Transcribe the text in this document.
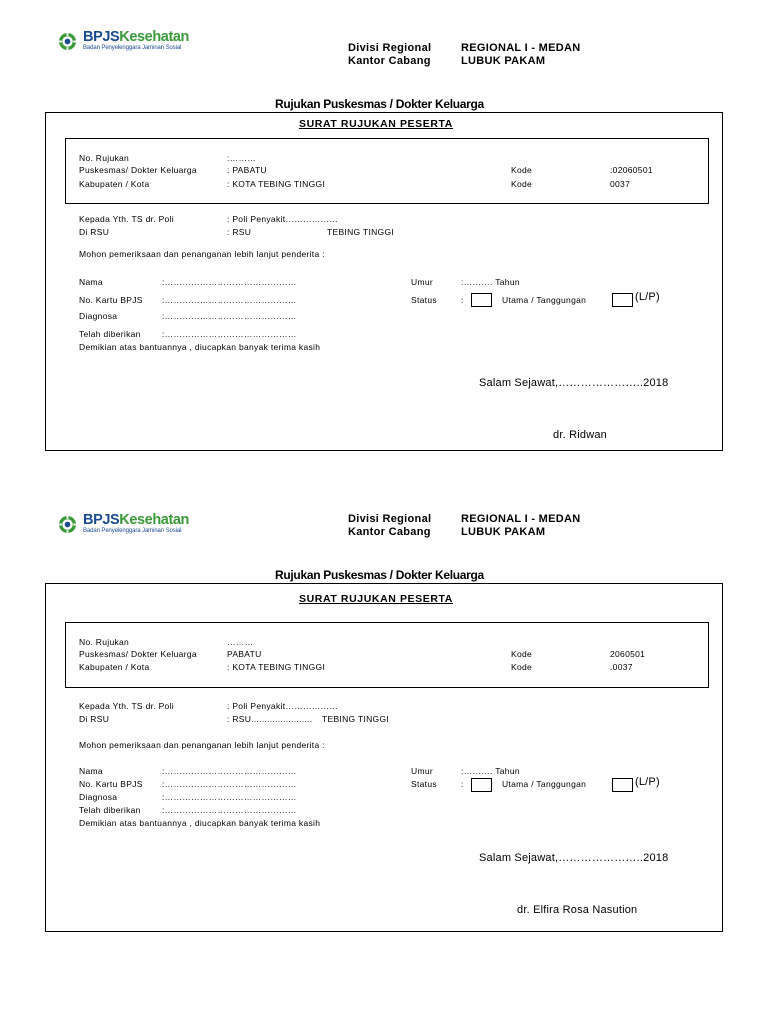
BPJSKesehatan
Badan Penyelenggara Jaminan Sosial	Divisi Regional	REGIONAL I - MEDAN
Kantor Cabang	LUBUK PAKAM
Rujukan Puskesmas / Dokter Keluarga
SURAT RUJUKAN PESERTA
No. Rujukan	:………
Puskesmas/ Dokter Keluarga	: PABATU	Kode	:02060501
Kabupaten / Kota	: KOTA TEBING TINGGI	Kode	0037
Kepada Yth. TS dr. Poli	: Poli Penyakit………………
Di RSU	: RSU	TEBING TINGGI
Mohon pemeriksaan dan penanganan lebih lanjut penderita :
Nama	:………………………………………	Umur	:………. Tahun
No. Kartu BPJS :………………………………………	Status	:	Utama / Tanggungan	(L/P)
Diagnosa	:………………………………………
Telah diberikan	:………………………………………
Demikian atas bantuannya , diucapkan banyak terima kasih
Salam Sejawat,…………………..2018
dr. Ridwan
BPJSKesehatan
Badan Penyelenggara Jaminan Sosial
Divisi Regional	REGIONAL I - MEDAN
Kantor Cabang	LUBUK PAKAM
Rujukan Puskesmas / Dokter Keluarga
SURAT RUJUKAN PESERTA
No. Rujukan	………
Puskesmas/ Dokter Keluarga	PABATU	Kode	2060501
Kabupaten / Kota	: KOTA TEBING TINGGI	Kode	.0037
Kepada Yth. TS dr. Poli	: Poli Penyakit………………
Di RSU	: RSU....................... TEBING TINGGI
Mohon pemeriksaan dan penanganan lebih lanjut penderita :
Nama	:………………………………………	Umur	:………. Tahun
No. Kartu BPJS :………………………………………	Status	:	Utama / Tanggungan	(L/P)
Diagnosa	:………………………………………
Telah diberikan	:………………………………………
Demikian atas bantuannya , diucapkan banyak terima kasih
Salam Sejawat,…………………..2018
dr. Elfira Rosa Nasution
